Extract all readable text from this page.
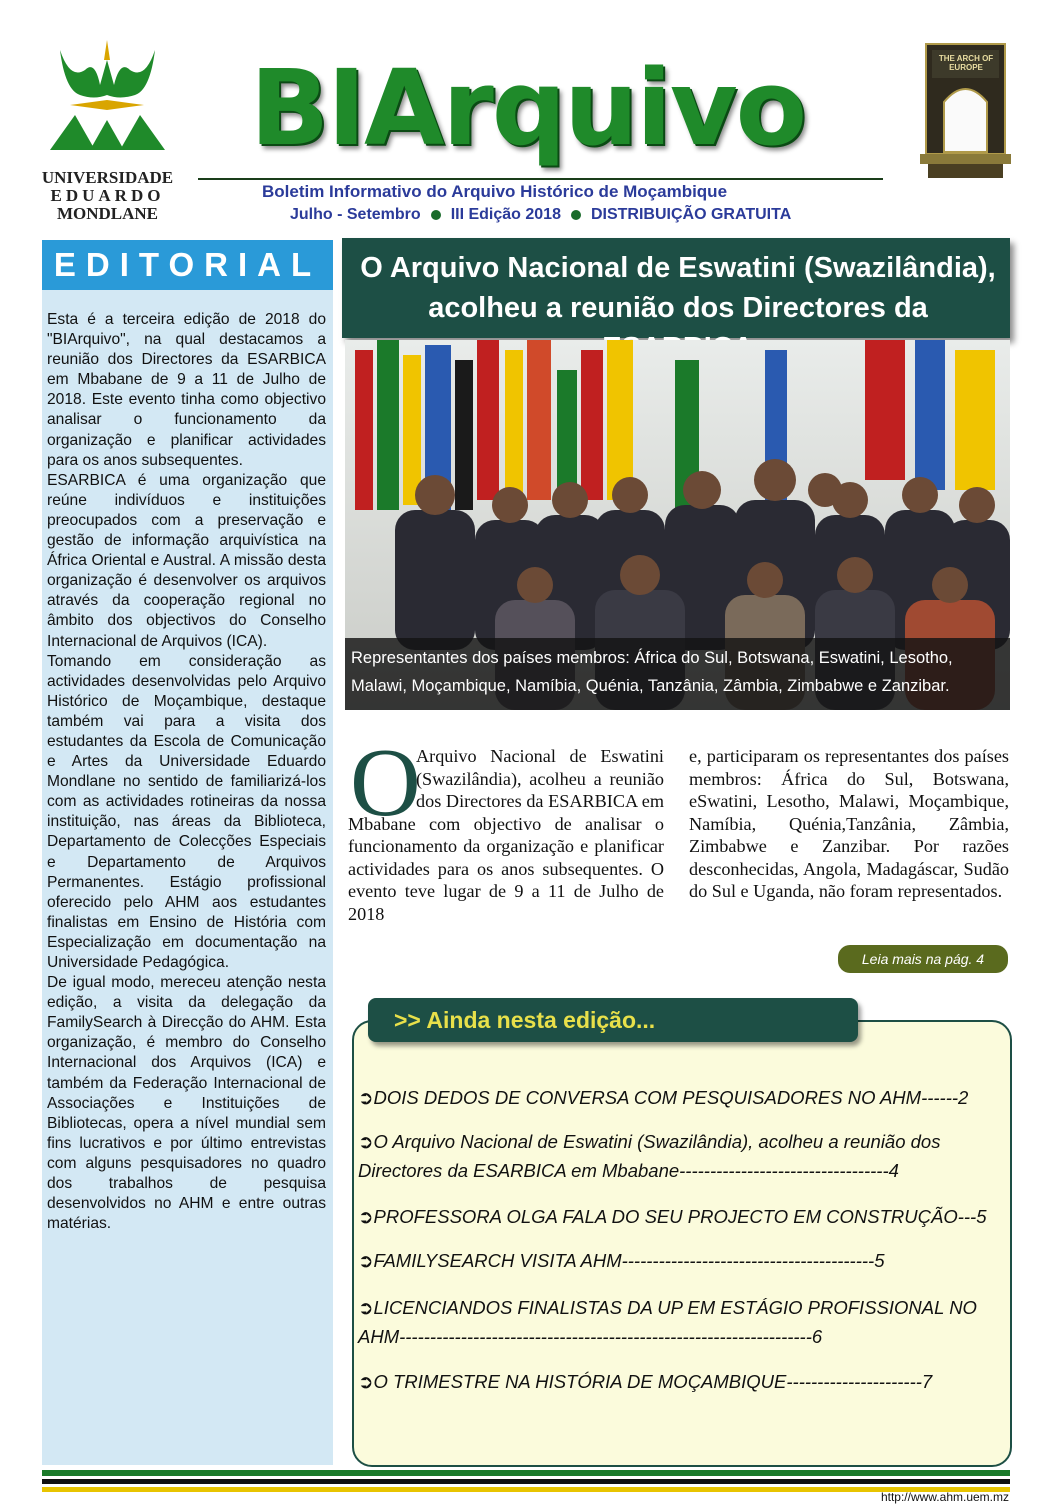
UNIVERSIDADE
EDUARDO
MONDLANE
BIArquivo
Boletim Informativo do Arquivo Histórico de Moçambique
Julho - Setembro III Edição 2018 DISTRIBUIÇÃO GRATUITA
THE ARCH OF EUROPE
EDITORIAL

Esta é a terceira edição de 2018 do "BIArquivo", na qual destacamos a reunião dos Directores da ESARBICA em Mbabane de 9 a 11 de Julho de 2018. Este evento tinha como objectivo analisar o funcionamento da organização e planificar actividades para os anos subsequentes.

ESARBICA é uma organização que reúne indivíduos e instituições preocupados com a preservação e gestão de informação arquivística na África Oriental e Austral. A missão desta organização é desenvolver os arquivos através da cooperação regional no âmbito dos objectivos do Conselho Internacional de Arquivos (ICA).

Tomando em consideração as actividades desenvolvidas pelo Arquivo Histórico de Moçambique, destaque também vai para a visita dos estudantes da Escola de Comunicação e Artes da Universidade Eduardo Mondlane no sentido de familiarizá-los com as actividades rotineiras da nossa instituição, nas áreas da Biblioteca, Departamento de Colecções Especiais e Departamento de Arquivos Permanentes. Estágio profissional oferecido pelo AHM aos estudantes finalistas em Ensino de História com Especialização em documentação na Universidade Pedagógica.

De igual modo, mereceu atenção nesta edição, a visita da delegação da FamilySearch à Direcção do AHM. Esta organização, é membro do Conselho Internacional dos Arquivos (ICA) e também da Federação Internacional de Associações e Instituições de Bibliotecas, opera a nível mundial sem fins lucrativos e por último entrevistas com alguns pesquisadores no quadro dos trabalhos de pesquisa desenvolvidos no AHM e entre outras matérias.

O Arquivo Nacional de Eswatini (Swazilândia), acolheu a reunião dos Directores da
Representantes dos países membros: África do Sul, Botswana, Eswatini, Lesotho, Malawi, Moçambique, Namíbia, Quénia, Tanzânia, Zâmbia, Zimbabwe e Zanzibar.
O
Arquivo Nacional de Eswatini (Swazilândia), acolheu a reunião dos Directores da ESARBICA em Mbabane com objectivo de analisar o funcionamento da organização e planificar actividades para os anos subsequentes. O evento teve lugar de 9 a 11 de Julho de 2018
e, participaram os representantes dos países membros: África do Sul, Botswana, eSwatini, Lesotho, Malawi, Moçambique, Namíbia, Quénia,Tanzânia, Zâmbia, Zimbabwe e Zanzibar. Por razões desconhecidas, Angola, Madagáscar, Sudão do Sul e Uganda, não foram representados.
Leia mais na pág. 4
>> Ainda nesta edição...
➲DOIS DEDOS DE CONVERSA COM PESQUISADORES NO AHM------2
➲O Arquivo Nacional de Eswatini (Swazilândia), acolheu a reunião dos Directores da ESARBICA em Mbabane----------------------------------4
➲PROFESSORA OLGA FALA DO SEU PROJECTO EM CONSTRUÇÃO---5
➲FAMILYSEARCH VISITA AHM-----------------------------------------5
➲LICENCIANDOS FINALISTAS DA UP EM ESTÁGIO PROFISSIONAL NO AHM-------------------------------------------------------------------6
➲O TRIMESTRE NA HISTÓRIA DE MOÇAMBIQUE----------------------7
http://www.ahm.uem.mz
